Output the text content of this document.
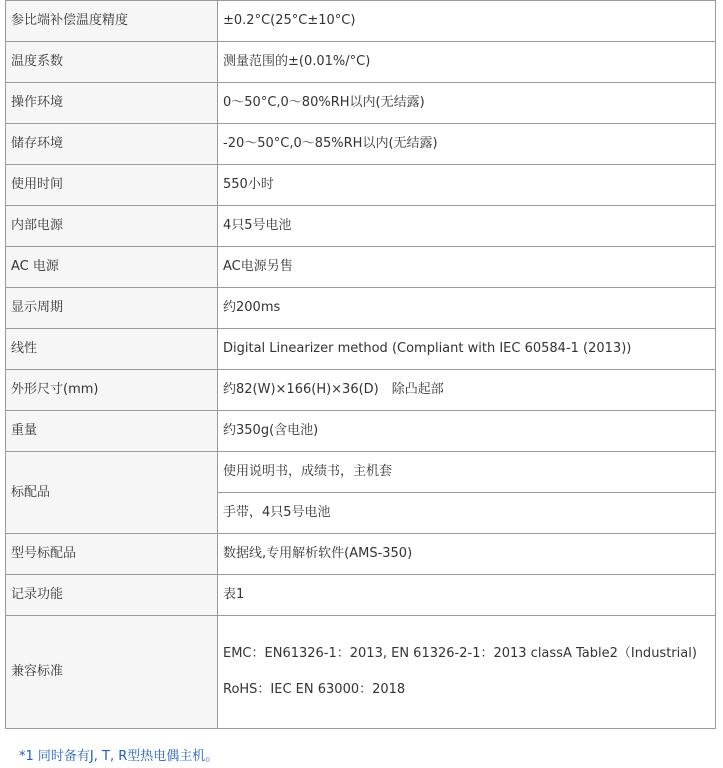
参比端补偿温度精度	±0.2°C(25°C±10°C)
温度系数	测量范围的±(0.01%/°C)
操作环境	0～50°C,0～80%RH以内(无结露)
储存环境	-20～50°C,0～85%RH以内(无结露)
使用时间	550小时
内部电源	4只5号电池
AC 电源	AC电源另售
显示周期	约200ms
线性	Digital Linearizer method (Compliant with IEC 60584-1 (2013))
外形尺寸(mm)	约82(W)×166(H)×36(D)　除凸起部
重量	约350g(含电池)
标配品	使用说明书，成绩书，主机套
	手带，4只5号电池
型号标配品	数据线,专用解析软件(AMS-350)
记录功能	表1
兼容标准	EMC：EN61326-1：2013, EN 61326-2-1：2013 classA Table2（Industrial)
RoHS：IEC EN 63000：2018
*1 同时备有J, T, R型热电偶主机。
